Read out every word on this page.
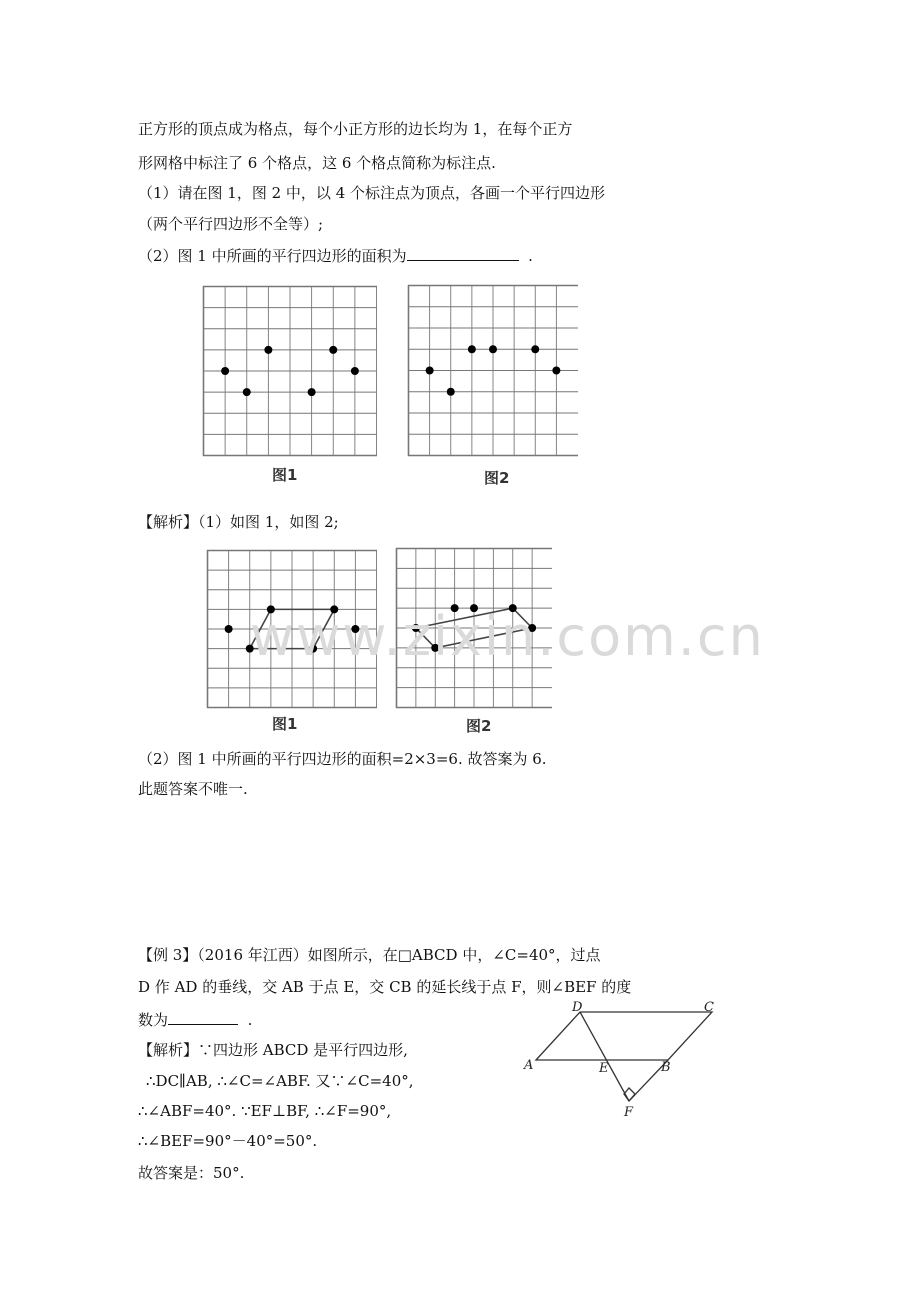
正方形的顶点成为格点，每个小正方形的边长均为 1，在每个正方
形网格中标注了 6 个格点，这 6 个格点简称为标注点.
（1）请在图 1，图 2 中，以 4 个标注点为顶点，各画一个平行四边形
（两个平行四边形不全等）;
（2）图 1 中所画的平行四边形的面积为	.
图1	图2
【解析】（1）如图 1，如图 2;
图1	图2
www.zixin.com.cn
（2）图 1 中所画的平行四边形的面积=2×3=6. 故答案为 6.
此题答案不唯一.
【例 3】（2016 年江西）如图所示，在□ABCD 中，∠C=40°，过点
D 作 AD 的垂线，交 AB 于点 E，交 CB 的延长线于点 F，则∠BEF 的度
数为	.
【解析】∵四边形 ABCD 是平行四边形,
∴DC∥AB, ∴∠C=∠ABF. 又∵∠C=40°,
∴∠ABF=40°. ∵EF⊥BF, ∴∠F=90°,
∴∠BEF=90°－40°=50°.
故答案是：50°.
A	B
C
D
E
F
